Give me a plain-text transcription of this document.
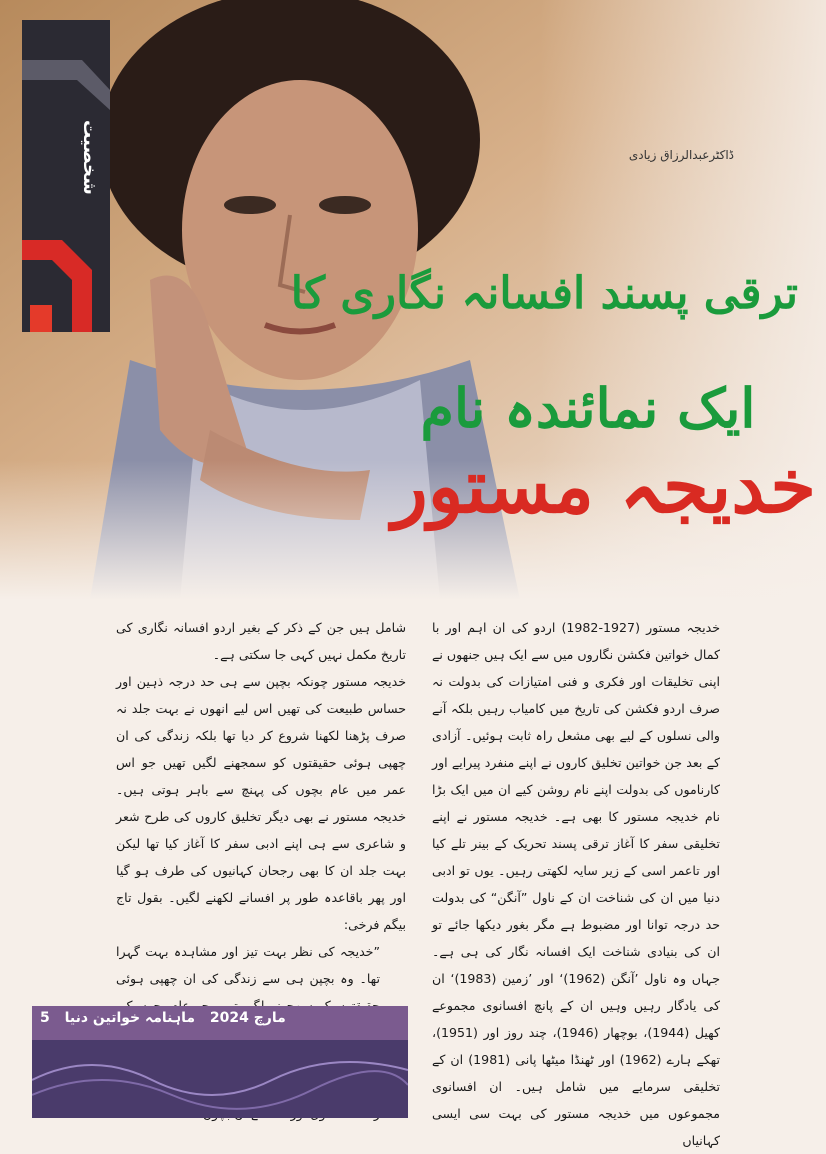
شخصیت	ڈاکٹرعبدالرزاق زیادی
ترقی پسند افسانہ نگاری کا
ایک نمائندہ نام
خدیجہ مستور

خدیجہ مستور (1927-1982) اردو کی ان اہم اور با کمال خواتین فکشن نگاروں میں سے ایک ہیں جنھوں نے اپنی تخلیقات اور فکری و فنی امتیازات کی بدولت نہ صرف اردو فکشن کی تاریخ میں کامیاب رہیں بلکہ آنے والی نسلوں کے لیے بھی مشعل راہ ثابت ہوئیں۔ آزادی کے بعد جن خواتین تخلیق کاروں نے اپنے منفرد پیرایے اور کارناموں کی بدولت اپنے نام روشن کیے ان میں ایک بڑا نام خدیجہ مستور کا بھی ہے۔ خدیجہ مستور نے اپنے تخلیقی سفر کا آغاز ترقی پسند تحریک کے بینر تلے کیا اور تاعمر اسی کے زیر سایہ لکھتی رہیں۔ یوں تو ادبی دنیا میں ان کی شناخت ان کے ناول ”آنگن“ کی بدولت حد درجہ توانا اور مضبوط ہے مگر بغور دیکھا جائے تو ان کی بنیادی شناخت ایک افسانہ نگار کی ہی ہے۔ جہاں وہ ناول ’آنگن (1962)‘ اور ’زمین (1983)‘ ان کی یادگار رہیں وہیں ان کے پانچ افسانوی مجموعے کھیل (1944)، بوچھار (1946)، چند روز اور (1951)، تھکے ہارے (1962) اور ٹھنڈا میٹھا پانی (1981) ان کے تخلیقی سرمایے میں شامل ہیں۔ ان افسانوی مجموعوں میں خدیجہ مستور کی بہت سی ایسی کہانیاں

شامل ہیں جن کے ذکر کے بغیر اردو افسانہ نگاری کی تاریخ مکمل نہیں کہی جا سکتی ہے۔

خدیجہ مستور چونکہ بچپن سے ہی حد درجہ ذہین اور حساس طبیعت کی تھیں اس لیے انھوں نے بہت جلد نہ صرف پڑھنا لکھنا شروع کر دیا تھا بلکہ زندگی کی ان چھپی ہوئی حقیقتوں کو سمجھنے لگیں تھیں جو اس عمر میں عام بچوں کی پہنچ سے باہر ہوتی ہیں۔ خدیجہ مستور نے بھی دیگر تخلیق کاروں کی طرح شعر و شاعری سے ہی اپنے ادبی سفر کا آغاز کیا تھا لیکن بہت جلد ان کا بھی رجحان کہانیوں کی طرف ہو گیا اور پھر باقاعدہ طور پر افسانے لکھنے لگیں۔ بقول تاج بیگم فرخی:

”خدیجہ کی نظر بہت تیز اور مشاہدہ بہت گہرا تھا۔ وہ بچپن ہی سے زندگی کی ان چھپی ہوئی

5	مارچ 2024 ماہنامہ خواتین دنیا
